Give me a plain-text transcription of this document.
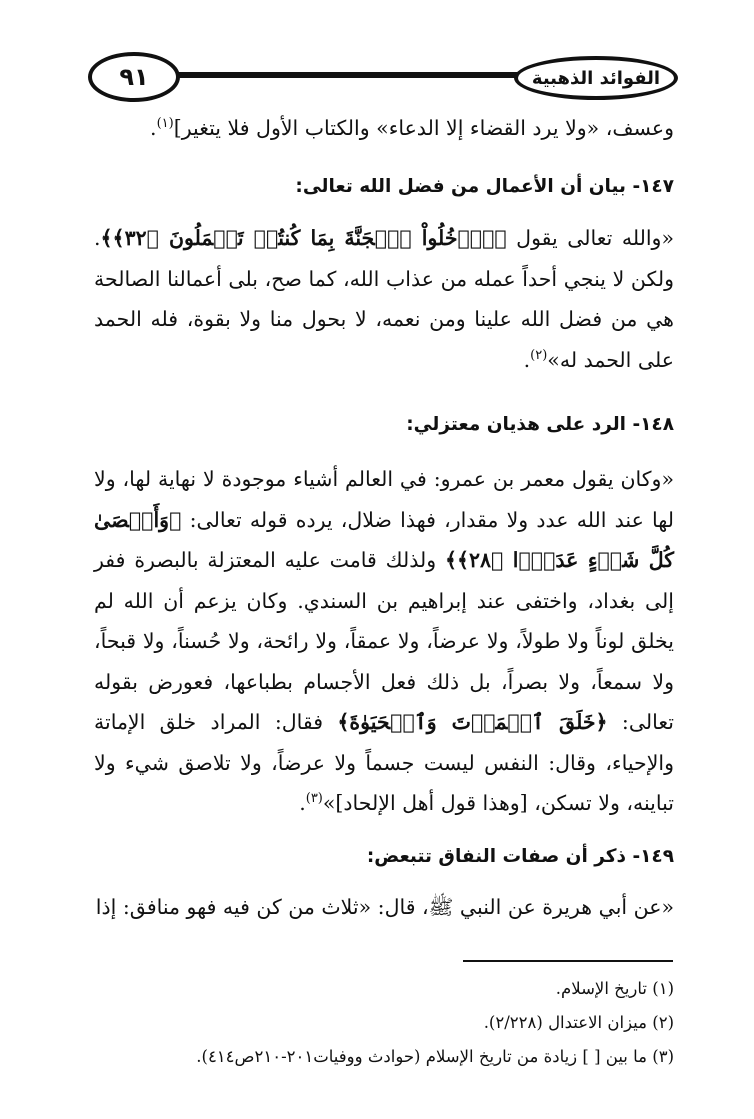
٩١	الفوائد الذهبية
وعسف، «ولا يرد القضاء إلا الدعاء» والكتاب الأول فلا يتغير]$^{(١)}$.
١٤٧- بيان أن الأعمال من فضل الله تعالى:
«والله تعالى يقول ﴿ٱدۡخُلُواْ ٱلۡجَنَّةَ بِمَا كُنتُمۡ تَعۡمَلُونَ ﴿٣٢﴾﴾. ولكن لا ينجي أحداً عمله من عذاب الله، كما صح، بلى أعمالنا الصالحة هي من فضل الله علينا ومن نعمه، لا بحول منا ولا بقوة، فله الحمد على الحمد له»$^{(٢)}$.
١٤٨- الرد على هذيان معتزلي:
«وكان يقول معمر بن عمرو: في العالم أشياء موجودة لا نهاية لها، ولا لها عند الله عدد ولا مقدار، فهذا ضلال، يرده قوله تعالى: ﴿وَأَحۡصَىٰ كُلَّ شَيۡءٍ عَدَدَۢا ﴿٢٨﴾﴾ ولذلك قامت عليه المعتزلة بالبصرة ففر إلى بغداد، واختفى عند إبراهيم بن السندي. وكان يزعم أن الله لم يخلق لوناً ولا طولاً، ولا عرضاً، ولا عمقاً، ولا رائحة، ولا حُسناً، ولا قبحاً، ولا سمعاً، ولا بصراً، بل ذلك فعل الأجسام بطباعها، فعورض بقوله تعالى: ﴿خَلَقَ ٱلۡمَوۡتَ وَٱلۡحَيَوٰةَ﴾ فقال: المراد خلق الإماتة والإحياء، وقال: النفس ليست جسماً ولا عرضاً، ولا تلاصق شيء ولا تباينه، ولا تسكن، [وهذا قول أهل الإلحاد]»$^{(٣)}$.
١٤٩- ذكر أن صفات النفاق تتبعض:
«عن أبي هريرة عن النبي ﷺ، قال: «ثلاث من كن فيه فهو منافق: إذا
(١) تاريخ الإسلام.
(٢) ميزان الاعتدال (٢/٢٢٨).
(٣) ما بين [ ] زيادة من تاريخ الإسلام (حوادث ووفيات٢٠١-٢١٠ص٤١٤).
